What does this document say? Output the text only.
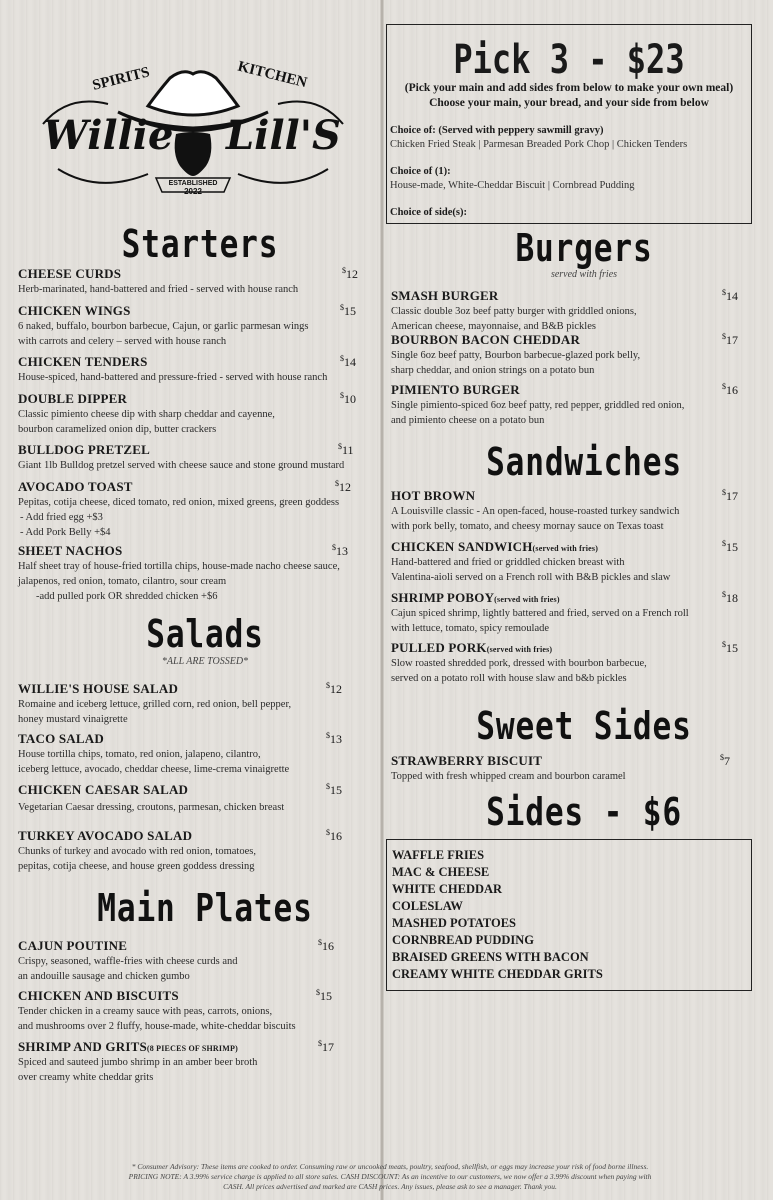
SPIRITS	KITCHEN
Willie Lill'S
ESTABLISHED
2022
Starters
CHEESE CURDS
Herb-marinated, hand-battered and fried - served with house ranch
$12
CHICKEN WINGS
6 naked, buffalo, bourbon barbecue, Cajun, or garlic parmesan wings
with carrots and celery – served with house ranch
$15
CHICKEN TENDERS
House-spiced, hand-battered and pressure-fried - served with house ranch
$14
DOUBLE DIPPER
Classic pimiento cheese dip with sharp cheddar and cayenne,
bourbon caramelized onion dip, butter crackers
$10
BULLDOG PRETZEL
Giant 1lb Bulldog pretzel served with cheese sauce and stone ground mustard
$11
AVOCADO TOAST
Pepitas, cotija cheese, diced tomato, red onion, mixed greens, green goddess
- Add fried egg +$3
- Add Pork Belly +$4
$12
SHEET NACHOS
Half sheet tray of house-fried tortilla chips, house-made nacho cheese sauce,
jalapenos, red onion, tomato, cilantro, sour cream
-add pulled pork OR shredded chicken +$6
$13
Salads
*ALL ARE TOSSED*
WILLIE'S HOUSE SALAD
Romaine and iceberg lettuce, grilled corn, red onion, bell pepper,
honey mustard vinaigrette
$12
TACO SALAD
House tortilla chips, tomato, red onion, jalapeno, cilantro,
iceberg lettuce, avocado, cheddar cheese, lime-crema vinaigrette
$13
CHICKEN CAESAR SALAD
Vegetarian Caesar dressing, croutons, parmesan, chicken breast
$15
TURKEY AVOCADO SALAD
Chunks of turkey and avocado with red onion, tomatoes,
pepitas, cotija cheese, and house green goddess dressing
$16
Main Plates
CAJUN POUTINE
Crispy, seasoned, waffle-fries with cheese curds and
an andouille sausage and chicken gumbo
$16
CHICKEN AND BISCUITS
Tender chicken in a creamy sauce with peas, carrots, onions,
and mushrooms over 2 fluffy, house-made, white-cheddar biscuits
$15
SHRIMP AND GRITS(8 PIECES OF SHRIMP)
Spiced and sauteed jumbo shrimp in an amber beer broth
over creamy white cheddar grits
$17
Pick 3 - $23
(Pick your main and add sides from below to make your own meal)
Choose your main, your bread, and your side from below
Choice of: (Served with peppery sawmill gravy)
Chicken Fried Steak | Parmesan Breaded Pork Chop | Chicken Tenders
Choice of (1):
House-made, White-Cheddar Biscuit | Cornbread Pudding
Choice of side(s):
Burgers
served with fries
SMASH BURGER
Classic double 3oz beef patty burger with griddled onions,
American cheese, mayonnaise, and B&B pickles
$14
BOURBON BACON CHEDDAR
Single 6oz beef patty, Bourbon barbecue-glazed pork belly,
sharp cheddar, and onion strings on a potato bun
$17
PIMIENTO BURGER
Single pimiento-spiced 6oz beef patty, red pepper, griddled red onion,
and pimiento cheese on a potato bun
$16
Sandwiches
HOT BROWN
A Louisville classic - An open-faced, house-roasted turkey sandwich
with pork belly, tomato, and cheesy mornay sauce on Texas toast
$17
CHICKEN SANDWICH(served with fries)
Hand-battered and fried or griddled chicken breast with
Valentina-aioli served on a French roll with B&B pickles and slaw
$15
SHRIMP POBOY(served with fries)
Cajun spiced shrimp, lightly battered and fried, served on a French roll
with lettuce, tomato, spicy remoulade
$18
PULLED PORK(served with fries)
Slow roasted shredded pork, dressed with bourbon barbecue,
served on a potato roll with house slaw and b&b pickles
$15
Sweet Sides
STRAWBERRY BISCUIT
Topped with fresh whipped cream and bourbon caramel
$7
Sides - $6
WAFFLE FRIES
MAC & CHEESE
WHITE CHEDDAR
COLESLAW
MASHED POTATOES
CORNBREAD PUDDING
BRAISED GREENS WITH BACON
CREAMY WHITE CHEDDAR GRITS
* Consumer Advisory: These items are cooked to order. Consuming raw or uncooked meats, poultry, seafood, shellfish, or eggs may increase your risk of food borne illness.
PRICING NOTE: A 3.99% service charge is applied to all store sales. CASH DISCOUNT: As an incentive to our customers, we now offer a 3.99% discount when paying with
CASH. All prices advertised and marked are CASH prices. Any issues, please ask to see a manager. Thank you.
